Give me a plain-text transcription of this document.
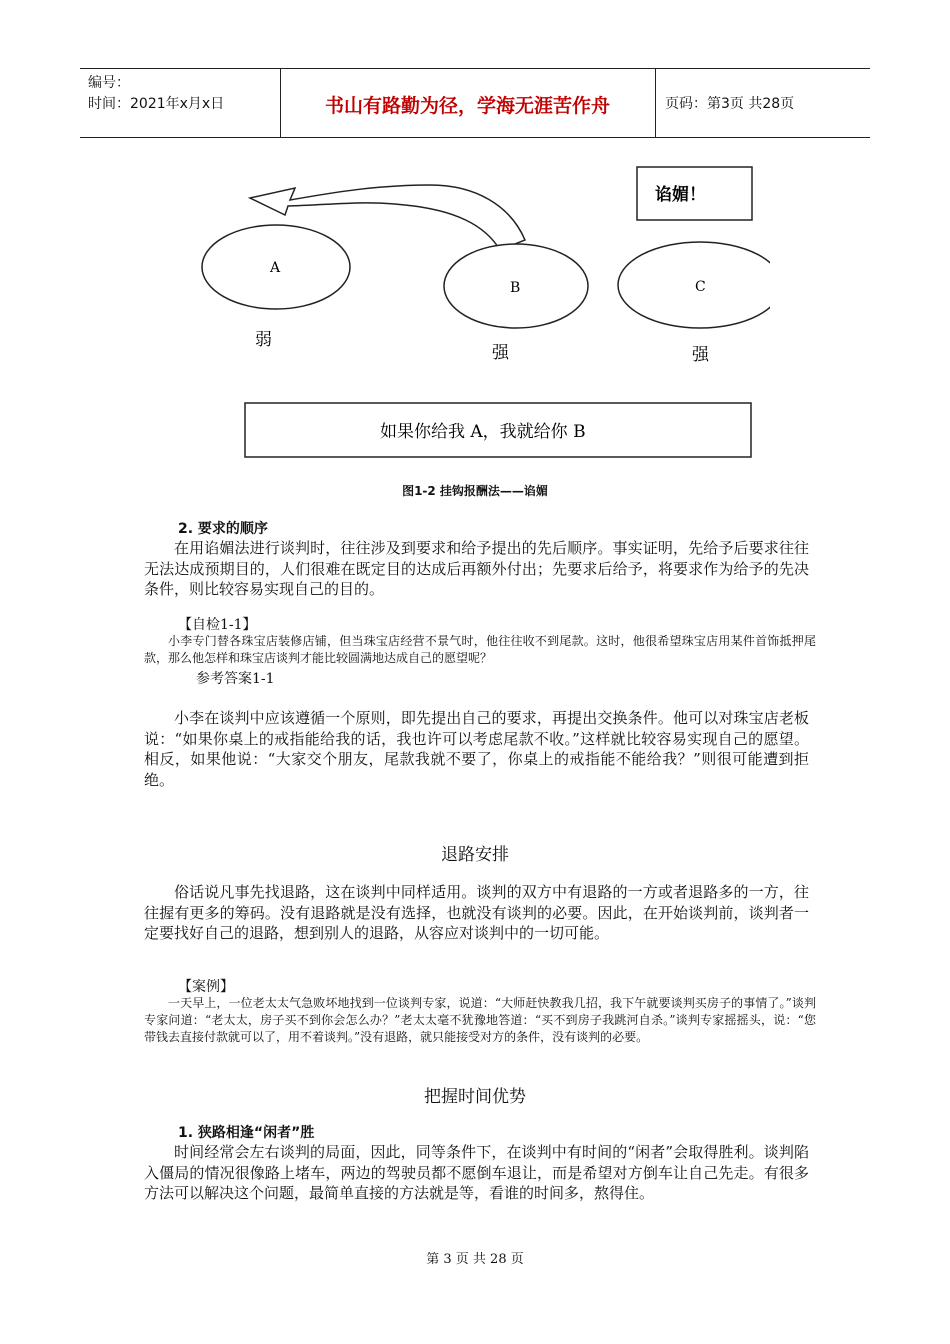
编号：
时间：2021年x月x日	书山有路勤为径，学海无涯苦作舟	页码：第3页 共28页
谄媚！
A
B	C
弱
强	强
如果你给我 A，我就给你 B
图1-2 挂钩报酬法——谄媚
2. 要求的顺序
在用谄媚法进行谈判时，往往涉及到要求和给予提出的先后顺序。事实证明，先给予后要求往往无法达成预期目的，人们很难在既定目的达成后再额外付出；先要求后给予，将要求作为给予的先决条件，则比较容易实现自己的目的。
【自检1-1】
小李专门替各珠宝店装修店铺，但当珠宝店经营不景气时，他往往收不到尾款。这时，他很希望珠宝店用某件首饰抵押尾款，那么他怎样和珠宝店谈判才能比较圆满地达成自己的愿望呢？
参考答案1-1
小李在谈判中应该遵循一个原则，即先提出自己的要求，再提出交换条件。他可以对珠宝店老板说：“如果你桌上的戒指能给我的话，我也许可以考虑尾款不收。”这样就比较容易实现自己的愿望。相反，如果他说：“大家交个朋友，尾款我就不要了，你桌上的戒指能不能给我？”则很可能遭到拒绝。
退路安排
俗话说凡事先找退路，这在谈判中同样适用。谈判的双方中有退路的一方或者退路多的一方，往往握有更多的筹码。没有退路就是没有选择，也就没有谈判的必要。因此，在开始谈判前，谈判者一定要找好自己的退路，想到别人的退路，从容应对谈判中的一切可能。
【案例】
一天早上，一位老太太气急败坏地找到一位谈判专家，说道：“大师赶快教我几招，我下午就要谈判买房子的事情了。”谈判专家问道：“老太太，房子买不到你会怎么办？”老太太毫不犹豫地答道：“买不到房子我跳河自杀。”谈判专家摇摇头，说：“您带钱去直接付款就可以了，用不着谈判。”没有退路，就只能接受对方的条件，没有谈判的必要。
把握时间优势
1. 狭路相逢“闲者”胜
时间经常会左右谈判的局面，因此，同等条件下，在谈判中有时间的“闲者”会取得胜利。谈判陷入僵局的情况很像路上堵车，两边的驾驶员都不愿倒车退让，而是希望对方倒车让自己先走。有很多方法可以解决这个问题，最简单直接的方法就是等，看谁的时间多，熬得住。
第 3 页 共 28 页
